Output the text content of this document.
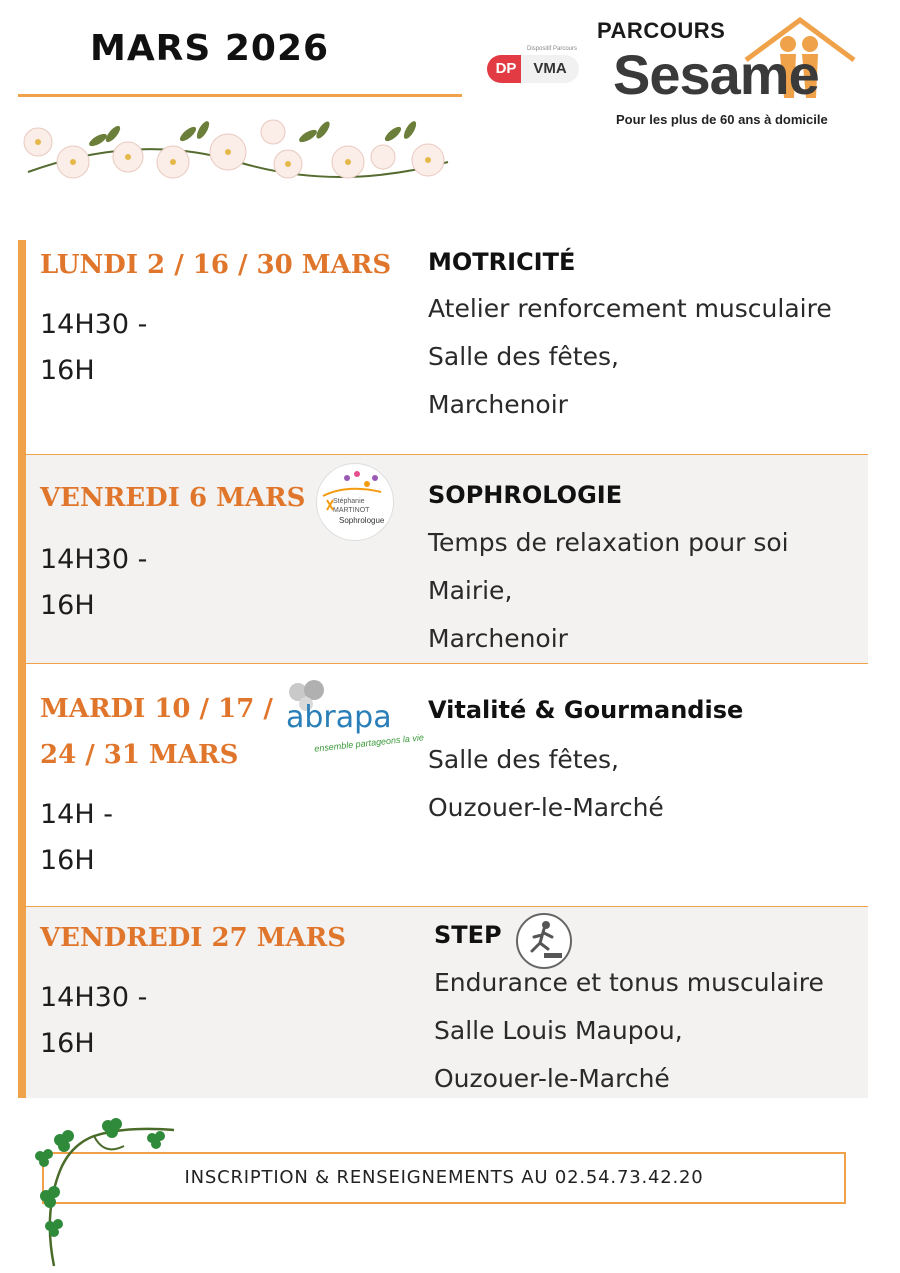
MARS 2026	Dispositif Parcours
DP	VMA
PARCOURS
Sesame
Pour les plus de 60 ans à domicile
LUNDI 2 / 16 / 30 MARS
14H30 -
16H
MOTRICITÉ
Atelier renforcement musculaire
Salle des fêtes,
Marchenoir
VENREDI 6 MARS
14H30 -
16H
Stéphanie
MARTINOT
Sophrologue
SOPHROLOGIE
Temps de relaxation pour soi
Mairie,
Marchenoir
MARDI 10 / 17 /
24 / 31 MARS
14H -
16H
abrapa
ensemble partageons la vie
Vitalité & Gourmandise
Salle des fêtes,
Ouzouer-le-Marché
VENDREDI 27 MARS
14H30 -
16H
STEP
Endurance et tonus musculaire
Salle Louis Maupou,
Ouzouer-le-Marché
INSCRIPTION & RENSEIGNEMENTS AU 02.54.73.42.20
